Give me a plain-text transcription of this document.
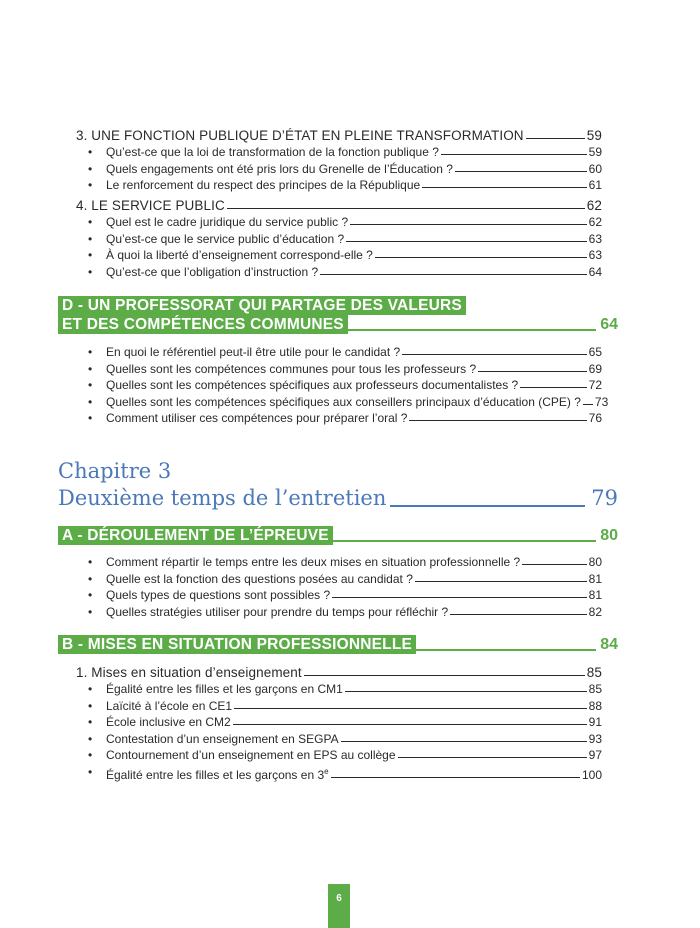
3. UNE FONCTION PUBLIQUE D’ÉTAT EN PLEINE TRANSFORMATION	59
• Qu’est-ce que la loi de transformation de la fonction publique ?	59
• Quels engagements ont été pris lors du Grenelle de l’Éducation ?	60
• Le renforcement du respect des principes de la République	61
4. LE SERVICE PUBLIC	62
• Quel est le cadre juridique du service public ?	62
• Qu’est-ce que le service public d’éducation ?	63
• À quoi la liberté d’enseignement correspond-elle ?	63
• Qu’est-ce que l’obligation d’instruction ?	64
D - UN PROFESSORAT QUI PARTAGE DES VALEURS
ET DES COMPÉTENCES COMMUNES	64
• En quoi le référentiel peut-il être utile pour le candidat ?	65
• Quelles sont les compétences communes pour tous les professeurs ?	69
• Quelles sont les compétences spécifiques aux professeurs documentalistes ?	72
• Quelles sont les compétences spécifiques aux conseillers principaux d’éducation (CPE) ? 73
• Comment utiliser ces compétences pour préparer l’oral ?	76
Chapitre 3
Deuxième temps de l’entretien	79
A - DÉROULEMENT DE L’ÉPREUVE	80
• Comment répartir le temps entre les deux mises en situation professionnelle ?	80
• Quelle est la fonction des questions posées au candidat ?	81
• Quels types de questions sont possibles ?	81
• Quelles stratégies utiliser pour prendre du temps pour réfléchir ?	82
B - MISES EN SITUATION PROFESSIONNELLE	84
1. Mises en situation d’enseignement	85
• Égalité entre les filles et les garçons en CM1	85
• Laïcité à l’école en CE1	88
• École inclusive en CM2	91
• Contestation d’un enseignement en SEGPA	93
• Contournement d’un enseignement en EPS au collège	97
• Égalité entre les filles et les garçons en 3e	100
6
